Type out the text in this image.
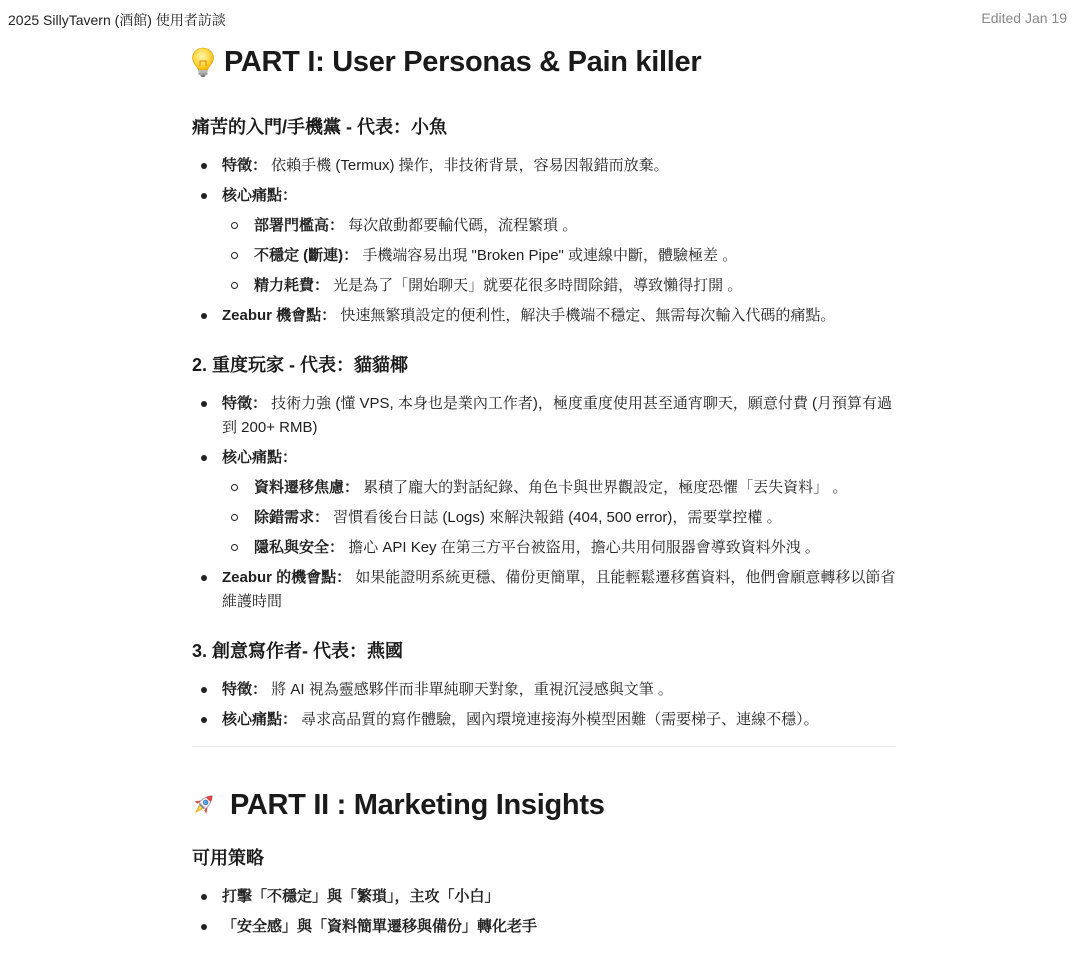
2025 SillyTavern (酒館) 使用者訪談	Edited Jan 19
PART I: User Personas & Pain killer
痛苦的入門/手機黨 - 代表：小魚
特徵： 依賴手機 (Termux) 操作，非技術背景，容易因報錯而放棄。
核心痛點：
部署門檻高： 每次啟動都要輸代碼，流程繁瑣 。
不穩定 (斷連)： 手機端容易出現 "Broken Pipe" 或連線中斷，體驗極差 。
精力耗費： 光是為了「開始聊天」就要花很多時間除錯，導致懶得打開 。
Zeabur 機會點： 快速無繁瑣設定的便利性，解決手機端不穩定、無需每次輸入代碼的痛點。
2. 重度玩家 - 代表：貓貓椰
特徵： 技術力強 (懂 VPS, 本身也是業內工作者)，極度重度使用甚至通宵聊天，願意付費 (月預算有過到 200+ RMB)
核心痛點：
資料遷移焦慮： 累積了龐大的對話紀錄、角色卡與世界觀設定，極度恐懼「丟失資料」 。
除錯需求： 習慣看後台日誌 (Logs) 來解決報錯 (404, 500 error)，需要掌控權 。
隱私與安全： 擔心 API Key 在第三方平台被盜用，擔心共用伺服器會導致資料外洩 。
Zeabur 的機會點： 如果能證明系統更穩、備份更簡單，且能輕鬆遷移舊資料，他們會願意轉移以節省維護時間
3. 創意寫作者- 代表：燕國
特徵： 將 AI 視為靈感夥伴而非單純聊天對象，重視沉浸感與文筆 。
核心痛點： 尋求高品質的寫作體驗，國內環境連接海外模型困難（需要梯子、連線不穩）。
PART II : Marketing Insights
可用策略
打擊「不穩定」與「繁瑣」，主攻「小白」
「安全感」與「資料簡單遷移與備份」轉化老手
